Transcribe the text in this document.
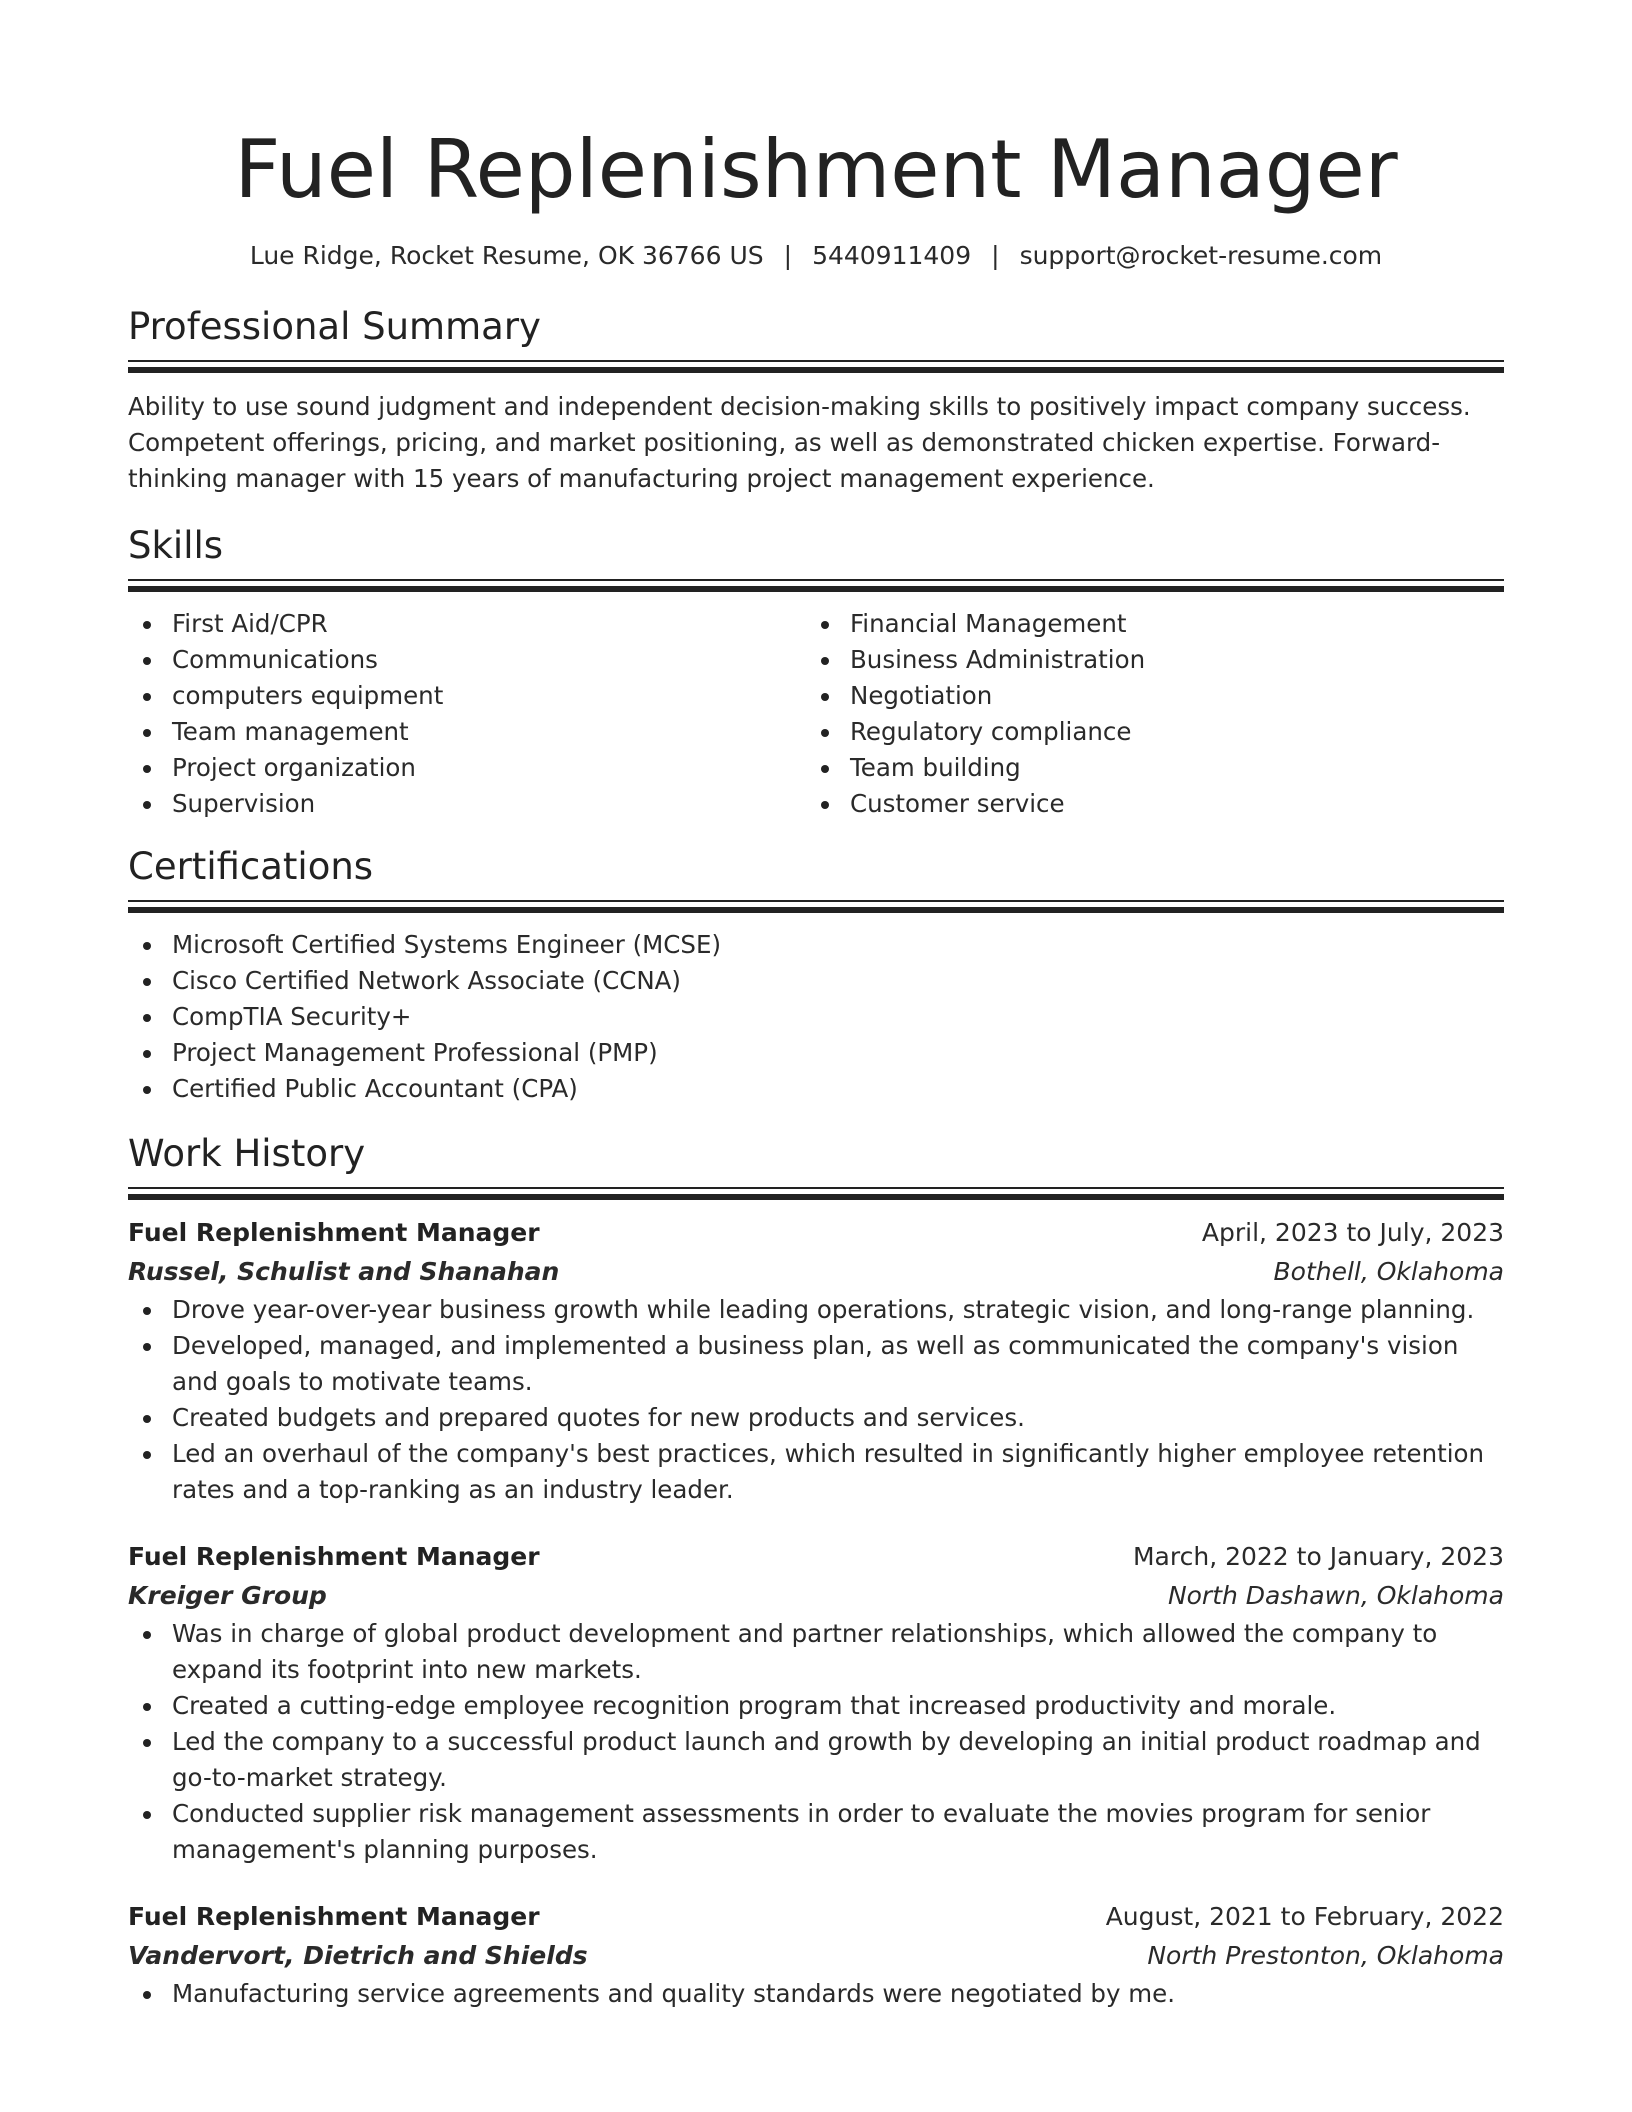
Fuel Replenishment Manager
Lue Ridge, Rocket Resume, OK 36766 US | 5440911409 | support@rocket-resume.com
Professional Summary
Ability to use sound judgment and independent decision-making skills to positively impact company success. Competent offerings, pricing, and market positioning, as well as demonstrated chicken expertise. Forward-thinking manager with 15 years of manufacturing project management experience.
Skills
First Aid/CPR
Communications
computers equipment
Team management
Project organization
Supervision
Financial Management
Business Administration
Negotiation
Regulatory compliance
Team building
Customer service
Certifications
Microsoft Certified Systems Engineer (MCSE)
Cisco Certified Network Associate (CCNA)
CompTIA Security+
Project Management Professional (PMP)
Certified Public Accountant (CPA)
Work History
Fuel Replenishment Manager	April, 2023 to July, 2023
Russel, Schulist and Shanahan	Bothell, Oklahoma
Drove year-over-year business growth while leading operations, strategic vision, and long-range planning.
Developed, managed, and implemented a business plan, as well as communicated the company's vision and goals to motivate teams.
Created budgets and prepared quotes for new products and services.
Led an overhaul of the company's best practices, which resulted in significantly higher employee retention rates and a top-ranking as an industry leader.
Fuel Replenishment Manager	March, 2022 to January, 2023
Kreiger Group	North Dashawn, Oklahoma
Was in charge of global product development and partner relationships, which allowed the company to expand its footprint into new markets.
Created a cutting-edge employee recognition program that increased productivity and morale.
Led the company to a successful product launch and growth by developing an initial product roadmap and go-to-market strategy.
Conducted supplier risk management assessments in order to evaluate the movies program for senior management's planning purposes.
Fuel Replenishment Manager	August, 2021 to February, 2022
Vandervort, Dietrich and Shields	North Prestonton, Oklahoma
Manufacturing service agreements and quality standards were negotiated by me.
